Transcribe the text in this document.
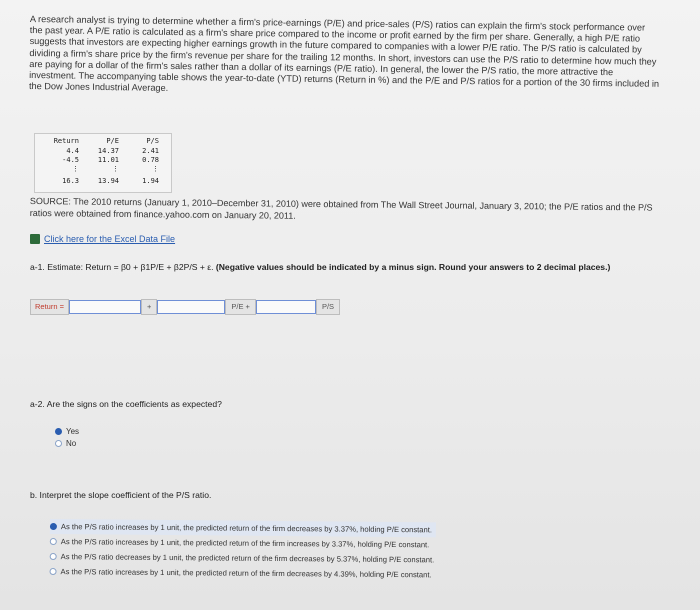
A research analyst is trying to determine whether a firm's price-earnings (P/E) and price-sales (P/S) ratios can explain the firm's stock performance over the past year. A P/E ratio is calculated as a firm's share price compared to the income or profit earned by the firm per share. Generally, a high P/E ratio suggests that investors are expecting higher earnings growth in the future compared to companies with a lower P/E ratio. The P/S ratio is calculated by dividing a firm's share price by the firm's revenue per share for the trailing 12 months. In short, investors can use the P/S ratio to determine how much they are paying for a dollar of the firm's sales rather than a dollar of its earnings (P/E ratio). In general, the lower the P/S ratio, the more attractive the investment. The accompanying table shows the year-to-date (YTD) returns (Return in %) and the P/E and P/S ratios for a portion of the 30 firms included in the Dow Jones Industrial Average.
Return	P/E	P/S
4.4	14.37	2.41
-4.5	11.01	0.78
⋮	⋮	⋮
16.3	13.94	1.94
SOURCE: The 2010 returns (January 1, 2010–December 31, 2010) were obtained from The Wall Street Journal, January 3, 2010; the P/E ratios and the P/S ratios were obtained from finance.yahoo.com on January 20, 2011.
Click here for the Excel Data File
a-1. Estimate: Return = β0 + β1P/E + β2P/S + ε. (Negative values should be indicated by a minus sign. Round your answers to 2 decimal places.)
Return =	+	P/E +	P/S
a-2. Are the signs on the coefficients as expected?
Yes
No
b. Interpret the slope coefficient of the P/S ratio.
As the P/S ratio increases by 1 unit, the predicted return of the firm decreases by 3.37%, holding P/E constant.
As the P/S ratio increases by 1 unit, the predicted return of the firm increases by 3.37%, holding P/E constant.
As the P/S ratio decreases by 1 unit, the predicted return of the firm decreases by 5.37%, holding P/E constant.
As the P/S ratio increases by 1 unit, the predicted return of the firm decreases by 4.39%, holding P/E constant.
